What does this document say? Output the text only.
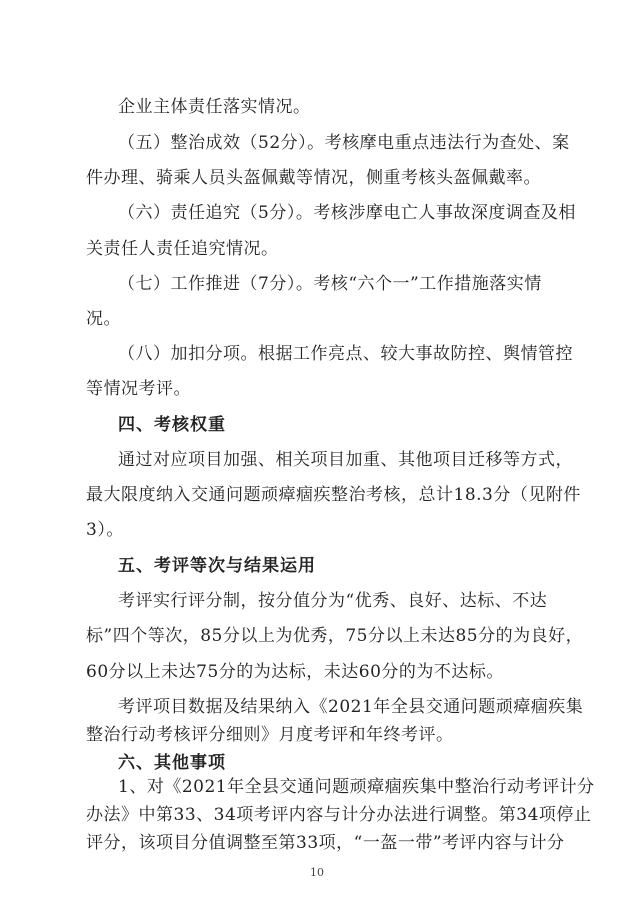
企业主体责任落实情况。
（五）整治成效（52分）。考核摩电重点违法行为查处、案
件办理、骑乘人员头盔佩戴等情况，侧重考核头盔佩戴率。
（六）责任追究（5分）。考核涉摩电亡人事故深度调查及相
关责任人责任追究情况。
（七）工作推进（7分）。考核“六个一”工作措施落实情
况。
（八）加扣分项。根据工作亮点、较大事故防控、舆情管控
等情况考评。
四、考核权重
通过对应项目加强、相关项目加重、其他项目迁移等方式，
最大限度纳入交通问题顽瘴痼疾整治考核，总计18.3分（见附件
3）。
五、考评等次与结果运用
考评实行评分制，按分值分为“优秀、良好、达标、不达
标”四个等次，85分以上为优秀，75分以上未达85分的为良好，
60分以上未达75分的为达标，未达60分的为不达标。
考评项目数据及结果纳入《2021年全县交通问题顽瘴痼疾集
整治行动考核评分细则》月度考评和年终考评。
六、其他事项
1、对《2021年全县交通问题顽瘴痼疾集中整治行动考评计分
办法》中第33、34项考评内容与计分办法进行调整。第34项停止
评分，该项目分值调整至第33项，“一盔一带”考评内容与计分
10
